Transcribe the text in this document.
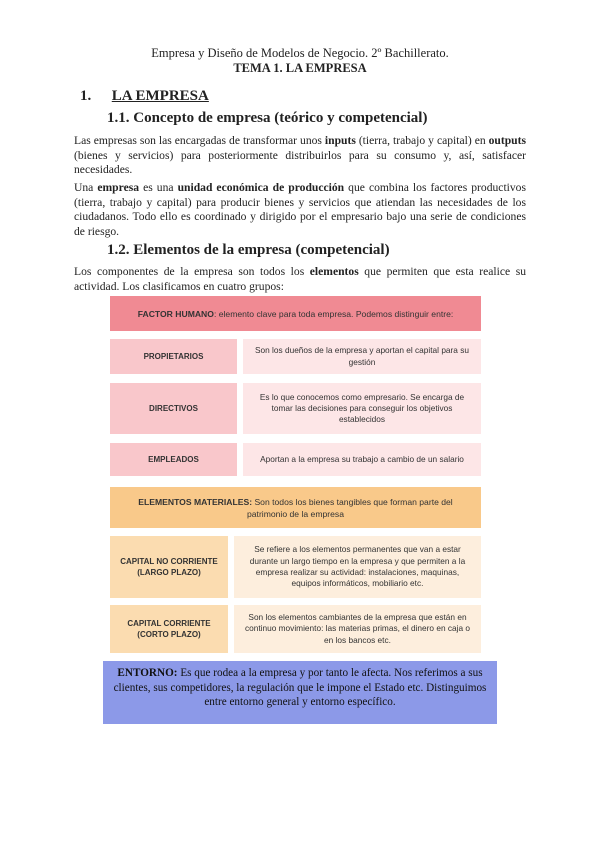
Empresa y Diseño de Modelos de Negocio. 2º Bachillerato.
TEMA 1. LA EMPRESA
1. LA EMPRESA
1.1. Concepto de empresa (teórico y competencial)
Las empresas son las encargadas de transformar unos inputs (tierra, trabajo y capital) en outputs (bienes y servicios) para posteriormente distribuirlos para su consumo y, así, satisfacer necesidades.
Una empresa es una unidad económica de producción que combina los factores productivos (tierra, trabajo y capital) para producir bienes y servicios que atiendan las necesidades de los ciudadanos. Todo ello es coordinado y dirigido por el empresario bajo una serie de condiciones de riesgo.
1.2. Elementos de la empresa (competencial)
Los componentes de la empresa son todos los elementos que permiten que esta realice su actividad. Los clasificamos en cuatro grupos:
FACTOR HUMANO: elemento clave para toda empresa. Podemos distinguir entre:
PROPIETARIOS
Son los dueños de la empresa y aportan el capital para su gestión
DIRECTIVOS
Es lo que conocemos como empresario. Se encarga de tomar las decisiones para conseguir los objetivos establecidos
EMPLEADOS	Aportan a la empresa su trabajo a cambio de un salario
ELEMENTOS MATERIALES: Son todos los bienes tangibles que forman parte del patrimonio de la empresa
CAPITAL NO CORRIENTE (LARGO PLAZO)
Se refiere a los elementos permanentes que van a estar durante un largo tiempo en la empresa y que permiten a la empresa realizar su actividad: instalaciones, maquinas, equipos informáticos, mobiliario etc.
CAPITAL CORRIENTE (CORTO PLAZO)
Son los elementos cambiantes de la empresa que están en continuo movimiento: las materias primas, el dinero en caja o en los bancos etc.
ENTORNO: Es que rodea a la empresa y por tanto le afecta. Nos referimos a sus clientes, sus competidores, la regulación que le impone el Estado etc. Distinguimos entre entorno general y entorno específico.
